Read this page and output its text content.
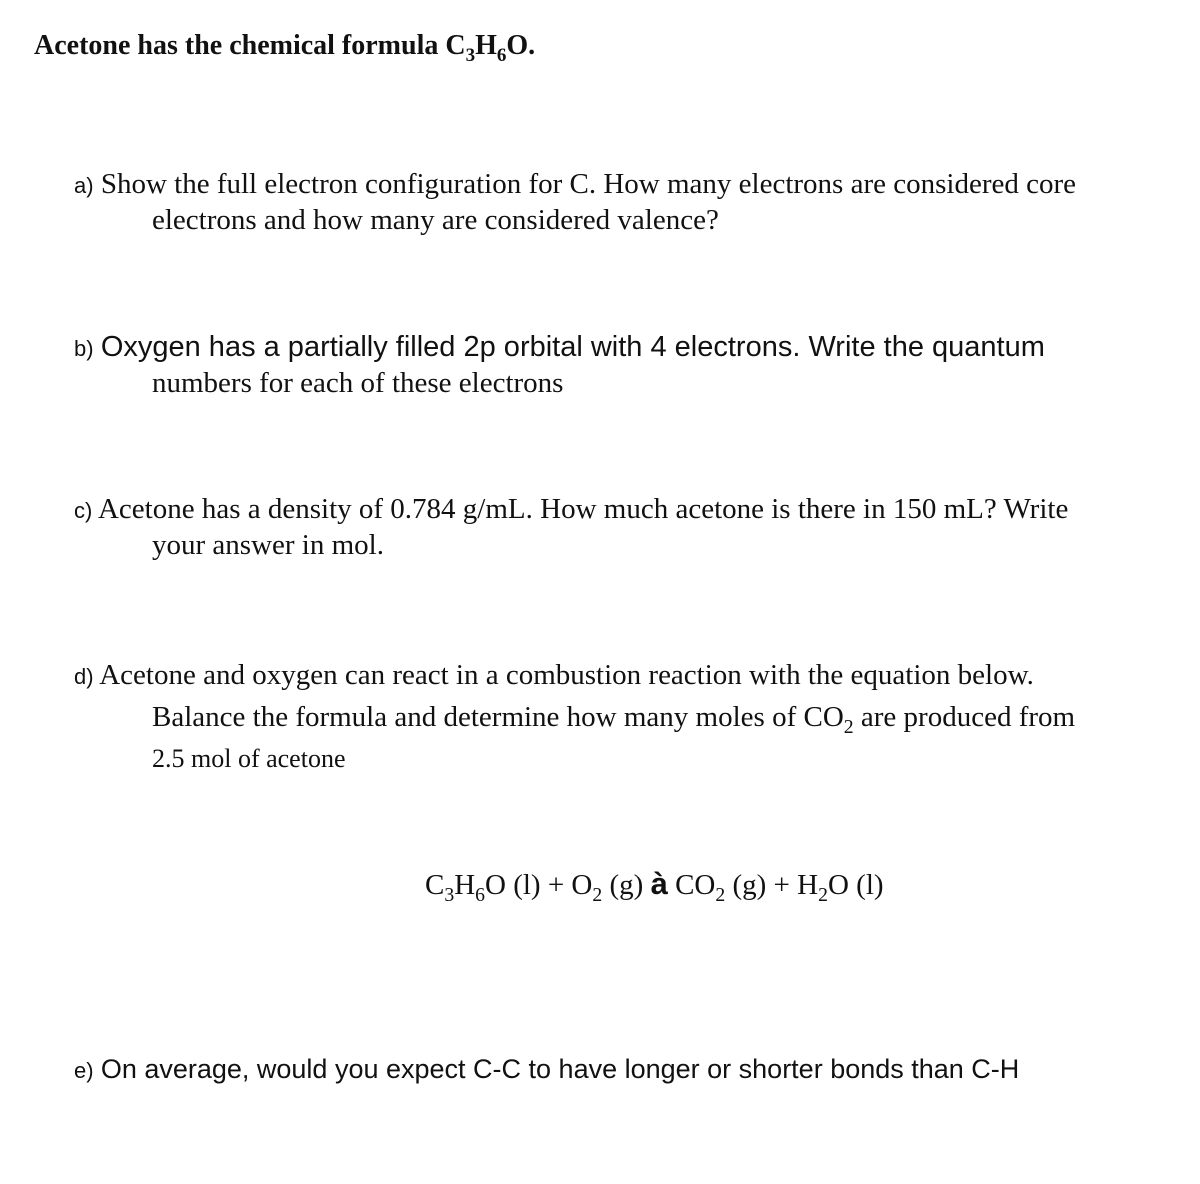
Acetone has the chemical formula $C_3H_6O$.
a) Show the full electron configuration for C. How many electrons are considered core
electrons and how many are considered valence?
b) Oxygen has a partially filled 2p orbital with 4 electrons. Write the quantum
numbers for each of these electrons
c) Acetone has a density of 0.784 g/mL. How much acetone is there in 150 mL? Write
your answer in mol.
d) Acetone and oxygen can react in a combustion reaction with the equation below.
Balance the formula and determine how many moles of $CO_2$ are produced from
2.5 mol of acetone
$C_3H_6O$ $(l) + O_2$ (g) à $CO_2$ $(g) + H_2O$ (l)
e) On average, would you expect C-C to have longer or shorter bonds than C-H
